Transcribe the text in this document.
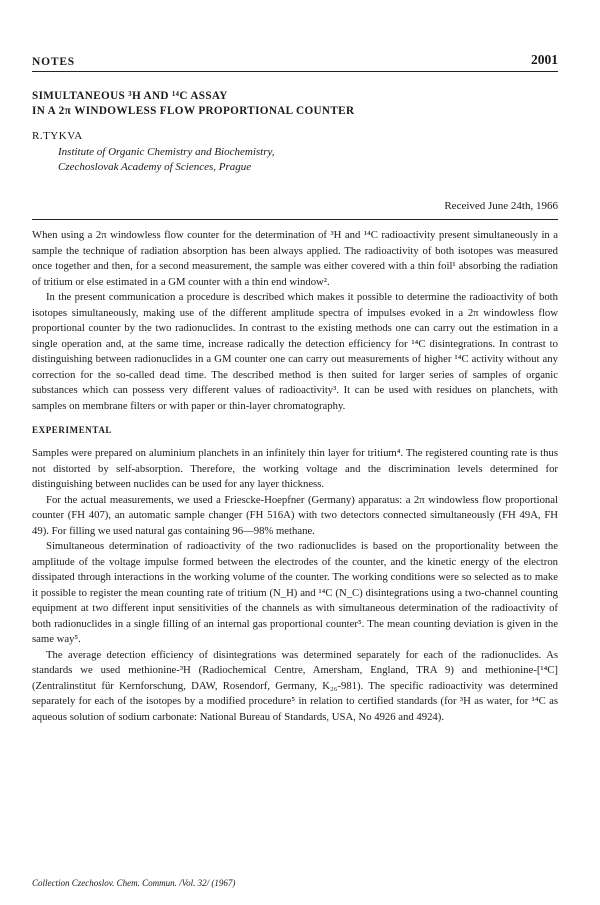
NOTES	2001
SIMULTANEOUS ³H AND ¹⁴C ASSAY
IN A 2π WINDOWLESS FLOW PROPORTIONAL COUNTER
R.TYKVA
Institute of Organic Chemistry and Biochemistry,
Czechoslovak Academy of Sciences, Prague
Received June 24th, 1966

When using a 2π windowless flow counter for the determination of ³H and ¹⁴C radioactivity present simultaneously in a sample the technique of radiation absorption has been always applied. The radioactivity of both isotopes was measured once together and then, for a second measurement, the sample was either covered with a thin foil¹ absorbing the radiation of tritium or else estimated in a GM counter with a thin end window².

In the present communication a procedure is described which makes it possible to determine the radioactivity of both isotopes simultaneously, making use of the different amplitude spectra of impulses evoked in a 2π windowless flow proportional counter by the two radionuclides. In contrast to the existing methods one can carry out the estimation in a single operation and, at the same time, increase radically the detection efficiency for ¹⁴C disintegrations. In contrast to distinguishing between radionuclides in a GM counter one can carry out measurements of higher ¹⁴C activity without any correction for the so-called dead time. The described method is then suited for larger series of samples of organic substances which can possess very different values of radioactivity³. It can be used with residues on planchets, with samples on membrane filters or with paper or thin-layer chromatography.

EXPERIMENTAL

Samples were prepared on aluminium planchets in an infinitely thin layer for tritium⁴. The registered counting rate is thus not distorted by self-absorption. Therefore, the working voltage and the discrimination levels determined for distinguishing between nuclides can be used for any layer thickness.

For the actual measurements, we used a Friescke-Hoepfner (Germany) apparatus: a 2π windowless flow proportional counter (FH 407), an automatic sample changer (FH 516A) with two detectors connected simultaneously (FH 49A, FH 49). For filling we used natural gas containing 96—98% methane.

Simultaneous determination of radioactivity of the two radionuclides is based on the proportionality between the amplitude of the voltage impulse formed between the electrodes of the counter, and the kinetic energy of the electron dissipated through interactions in the working volume of the counter. The working conditions were so selected as to make it possible to register the mean counting rate of tritium (N_H) and ¹⁴C (N_C) disintegrations using a two-channel counting equipment at two different input sensitivities of the channels as with simultaneous determination of the radioactivity of both radionuclides in a single filling of an internal gas proportional counter⁵. The mean counting deviation is given in the same way⁵.

The average detection efficiency of disintegrations was determined separately for each of the radionuclides. As standards we used methionine-³H (Radiochemical Centre, Amersham, England, TRA 9) and methionine-[¹⁴C] (Zentralinstitut für Kernforschung, DAW, Rosendorf, Germany, K₂₆-981). The specific radioactivity was determined separately for each of the isotopes by a modified procedure⁵ in relation to certified standards (for ³H as water, for ¹⁴C as aqueous solution of sodium carbonate: National Bureau of Standards, USA, No 4926 and 4924).

Collection Czechoslov. Chem. Commun. /Vol. 32/ (1967)
